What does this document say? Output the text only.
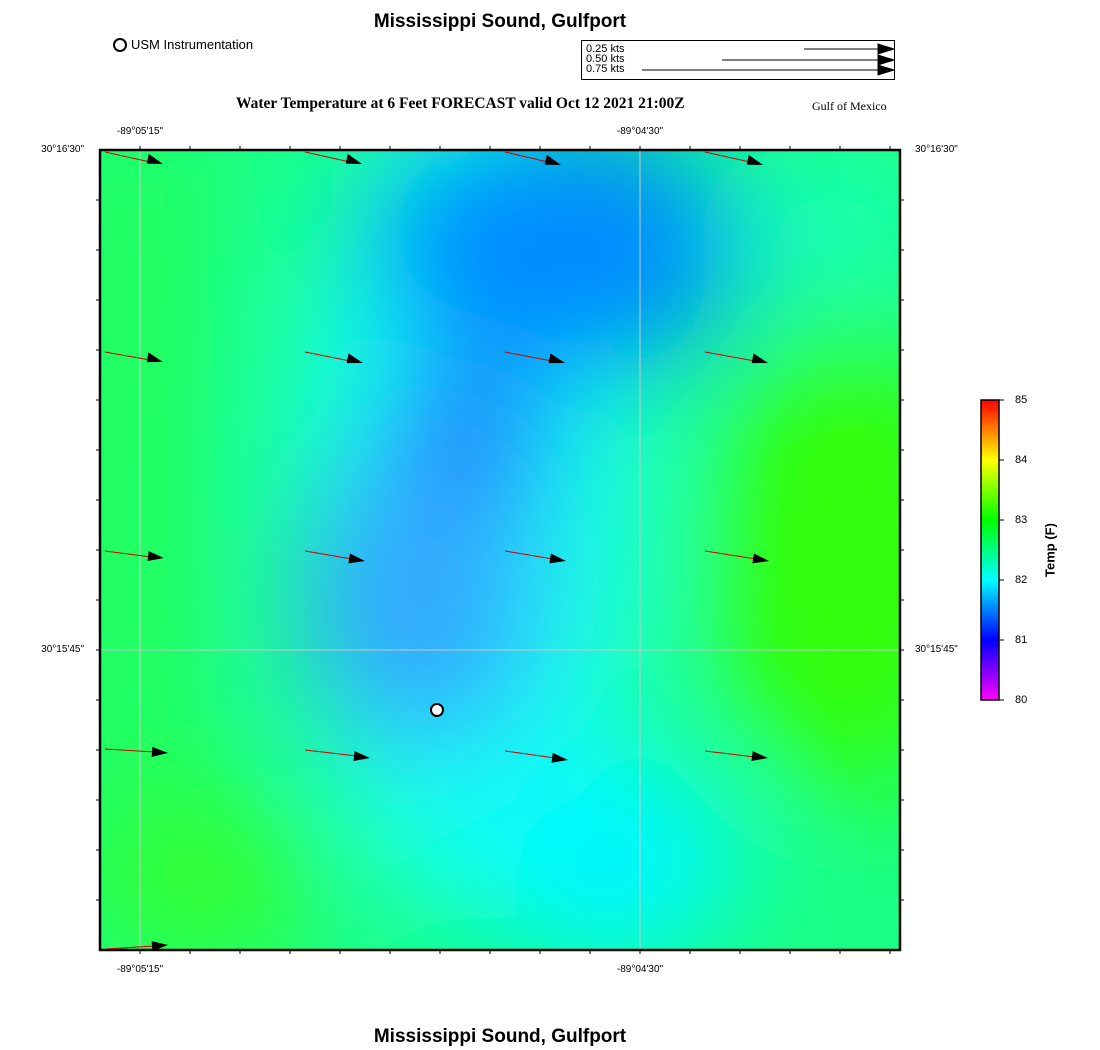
Mississippi Sound, Gulfport
USM Instrumentation	0.25 kts
0.50 kts
0.75 kts
Water Temperature at 6 Feet FORECAST valid Oct 12 2021 21:00Z	Gulf of Mexico
-89°05'15"	-89°04'30"
-89°05'15"	-89°04'30"
30°16'30"
30°15'45"
30°16'30"
30°15'45"
85
84
83
82
81
80
Temp (F)
Mississippi Sound, Gulfport
